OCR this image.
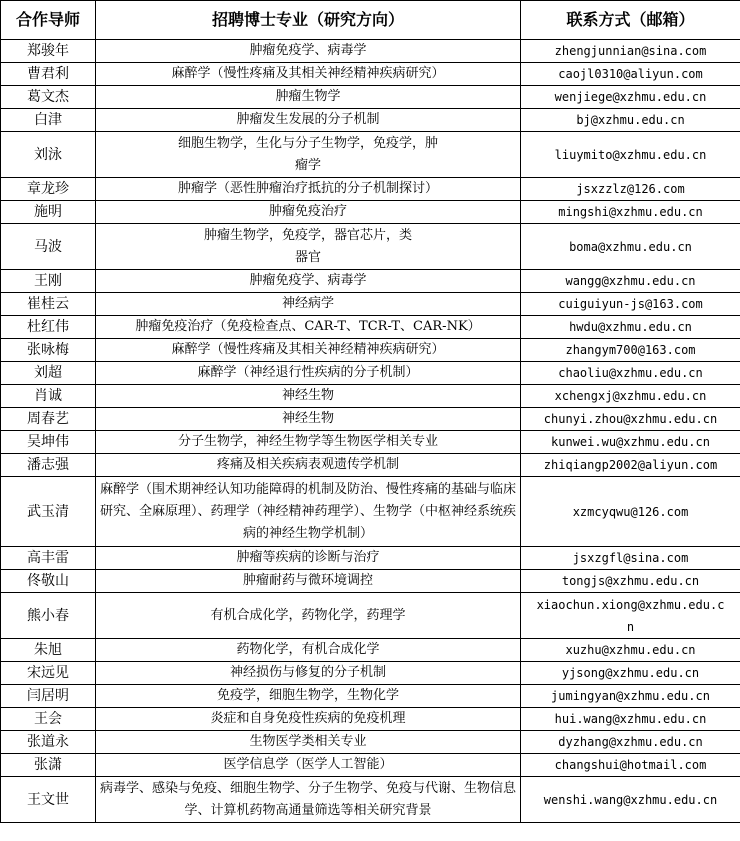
合作导师	招聘博士专业（研究方向）	联系方式（邮箱）
郑骏年	肿瘤免疫学、病毒学	zhengjunnian@sina.com
曹君利	麻醉学（慢性疼痛及其相关神经精神疾病研究）	caojl0310@aliyun.com
葛文杰	肿瘤生物学	wenjiege@xzhmu.edu.cn
白津	肿瘤发生发展的分子机制	bj@xzhmu.edu.cn
刘泳	细胞生物学，生化与分子生物学，免疫学，肿瘤学	liuymito@xzhmu.edu.cn
章龙珍	肿瘤学（恶性肿瘤治疗抵抗的分子机制探讨）	jsxzzlz@126.com
施明	肿瘤免疫治疗	mingshi@xzhmu.edu.cn
马波	肿瘤生物学，免疫学，器官芯片，类器官	boma@xzhmu.edu.cn
王刚	肿瘤免疫学、病毒学	wangg@xzhmu.edu.cn
崔桂云	神经病学	cuiguiyun-js@163.com
杜红伟	肿瘤免疫治疗（免疫检查点、CAR-T、TCR-T、CAR-NK）	hwdu@xzhmu.edu.cn
张咏梅	麻醉学（慢性疼痛及其相关神经精神疾病研究）	zhangym700@163.com
刘超	麻醉学（神经退行性疾病的分子机制）	chaoliu@xzhmu.edu.cn
肖诚	神经生物	xchengxj@xzhmu.edu.cn
周春艺	神经生物	chunyi.zhou@xzhmu.edu.cn
吴坤伟	分子生物学，神经生物学等生物医学相关专业	kunwei.wu@xzhmu.edu.cn
潘志强	疼痛及相关疾病表观遗传学机制	zhiqiangp2002@aliyun.com
武玉清	麻醉学（围术期神经认知功能障碍的机制及防治、慢性疼痛的基础与临床研究、全麻原理）、药理学（神经精神药理学）、生物学（中枢神经系统疾病的神经生物学机制）	xzmcyqwu@126.com
高丰雷	肿瘤等疾病的诊断与治疗	jsxzgfl@sina.com
佟敬山	肿瘤耐药与微环境调控	tongjs@xzhmu.edu.cn
熊小春	有机合成化学，药物化学，药理学	xiaochun.xiong@xzhmu.edu.cn
朱旭	药物化学，有机合成化学	xuzhu@xzhmu.edu.cn
宋远见	神经损伤与修复的分子机制	yjsong@xzhmu.edu.cn
闫居明	免疫学，细胞生物学，生物化学	jumingyan@xzhmu.edu.cn
王会	炎症和自身免疫性疾病的免疫机理	hui.wang@xzhmu.edu.cn
张道永	生物医学类相关专业	dyzhang@xzhmu.edu.cn
张潇	医学信息学（医学人工智能）	changshui@hotmail.com
王文世	病毒学、感染与免疫、细胞生物学、分子生物学、免疫与代谢、生物信息学、计算机药物高通量筛选等相关研究背景	wenshi.wang@xzhmu.edu.cn
